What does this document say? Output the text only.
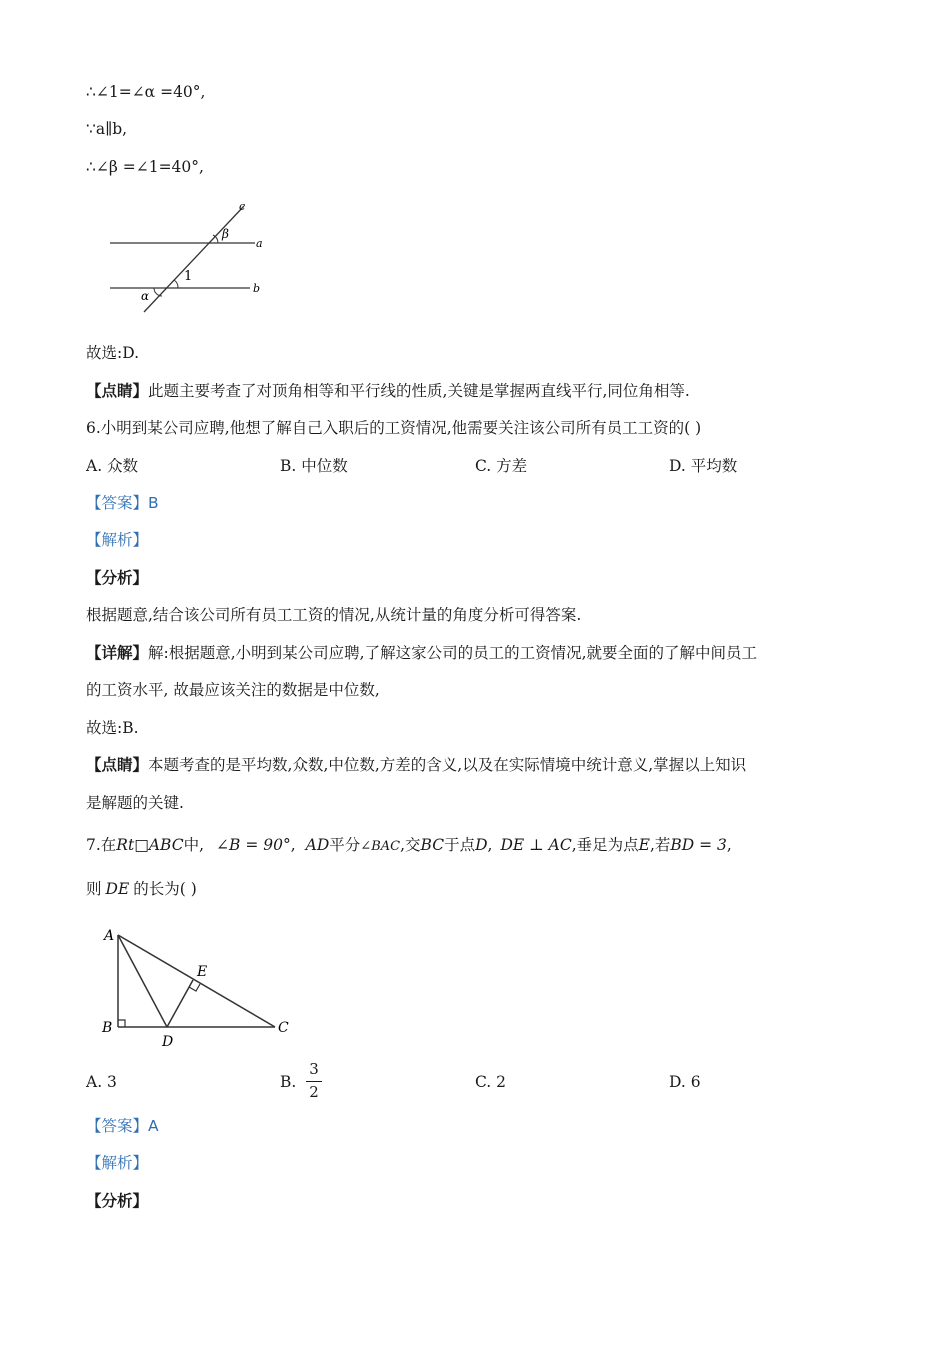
∴∠1=∠α =40°,
∵a∥b,
∴∠β =∠1=40°,
c
a
b
β
1
α
故选:D.
【点睛】此题主要考查了对顶角相等和平行线的性质,关键是掌握两直线平行,同位角相等.
6.小明到某公司应聘,他想了解自己入职后的工资情况,他需要关注该公司所有员工工资的( )
A. 众数	B. 中位数	C. 方差	D. 平均数
【答案】B
【解析】
【分析】
根据题意,结合该公司所有员工工资的情况,从统计量的角度分析可得答案.
【详解】解:根据题意,小明到某公司应聘,了解这家公司的员工的工资情况,就要全面的了解中间员工
的工资水平, 故最应该关注的数据是中位数,
故选:B.
【点睛】本题考查的是平均数,众数,中位数,方差的含义,以及在实际情境中统计意义,掌握以上知识
是解题的关键.
7.在Rt□ABC中, ∠B = 90°, AD平分∠BAC,交BC于点D, DE ⊥ AC,垂足为点E,若BD = 3,
则 DE 的长为( )
A
B	C
D
E
A. 3	B.
3
2
C. 2	D. 6
【答案】A
【解析】
【分析】
